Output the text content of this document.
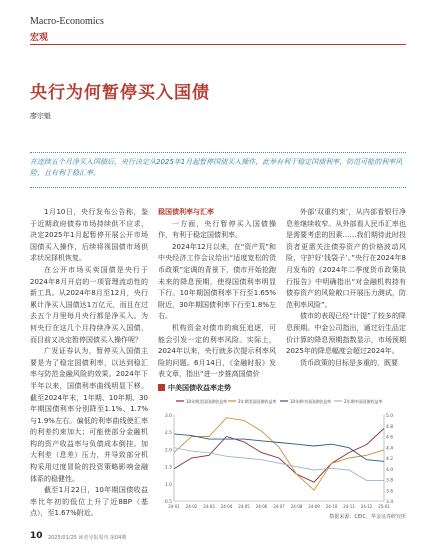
Macro-Economics
宏观
央行为何暂停买入国债
廖宗魁

在连续五个月净买入国债后，央行决定从2025年1月起暂停国债买入操作，此举有利于稳定国债利率，防范可能的利率风险，且有利于稳汇率。

1月10日，央行发布公告称，鉴于近期政府债券市场持续供不应求，决定2025年1月起暂停开展公开市场国债买入操作，后续将视国债市场供求状况择机恢复。

在公开市场买卖国债是央行于2024年8月开启的一项管理流动性的新工具。从2024年8月至12月，央行累计净买入国债达1万亿元，而且在过去五个月里每月央行都是净买入。为何央行在这几个月持续净买入国债，而目前又决定暂停国债买入操作呢？

广发证券认为，暂停买入国债主要是为了稳定国债利率，以达到稳汇率与防范金融风险的效果。2024年下半年以来，国债利率曲线明显下移。截至2024年末，1年期、10年期、30年期国债利率分别降至1.1%、1.7%与1.9%左右。偏低的利率曲线使汇率的利差约束加大；可能使部分金融机构的资产收益率与负债成本倒挂。加大利差（息差）压力，并导致部分机构采用过度冒险的投资策略影响金融体系的稳健性。

截至1月22日，10年期国债收益率比年初的低位上升了近8BP（基点），至1.67%附近。

稳国债利率与汇率

一方面，央行暂停买入国债操作，有利于稳定国债利率。

2024年12月以来，在“资产荒”和中央经济工作会议给出“适度宽松的货币政策”定调的背景下，债市开始抢跑未来的降息预期，使得国债利率明显下行。10年期国债利率下行至1.65%附近，30年期国债利率下行至1.8%左右。

机构资金对债市的疯狂追逐，可能会引发一定的利率风险。实际上，2024年以来，央行就多次提示利率风险的问题。6月14日，《金融时报》发表文章，指出“进一步推高国债价

外部‘双重约束’，从内部看银行净息差继续收窄。从外部看人民币汇率也是需要考虑的因素……我们期待此时投资者更需关注债券资产的价格波动风险，守护好‘钱袋子’。”央行在2024年8月发布的《2024年二季度货币政策执行报告》中明确指出“对金融机构持有债券资产的风险敞口开展压力测试，防范利率风险”。

债市的表现已经“计提”了较多的降息预期。中金公司指出，通过衍生品定价计算的降息预期指数显示，市场预期2025年的降息幅度会超过2024年。

货币政策的目标是多重的，既要

中美国债收益率走势
0.5
1.0
1.5
2.0
2.5
3.0
3.4
3.6
3.8
4.0
4.2
4.4
4.6
4.8
5.0
24-01 24-02 24-03 24-04 24-05 24-06 24-07 24-08 24-09 24-10 24-11 24-12 25-01
10年期美国国债收益率	2年期美国国债收益率	10年期中国国债收益率	2年期中国国债收益率
数据来源：CEIC，华金证券研究所
10 2025/01/25 读者导报周刊 第04期
